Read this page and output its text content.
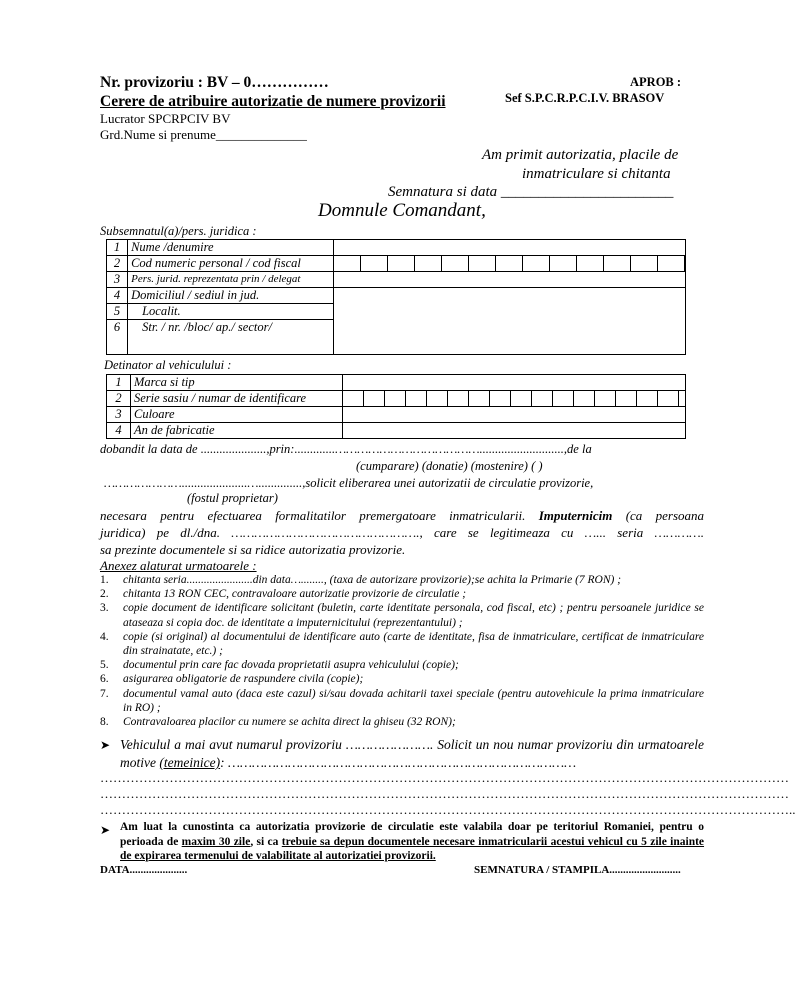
Nr. provizoriu : BV – 0……………
Cerere de atribuire autorizatie de numere provizorii
Lucrator SPCRPCIV BV
Grd.Nume si prenume______________
APROB :
Sef S.P.C.R.P.C.I.V. BRASOV
Am primit autorizatia, placile de
inmatriculare si chitanta
Semnatura si data _______________________
Domnule Comandant,
Subsemnatul(a)/pers. juridica :
1	Nume /denumire	
2	Cod numeric personal / cod fiscal	

3	Pers. jurid. reprezentata prin / delegat	
4	Domiciliul / sediul in jud.	
5	Localit.	
6	Str. / nr. /bloc/ ap./ sector/	
Detinator al vehiculului :
1	Marca si tip	
2	Serie sasiu / numar de identificare	

3	Culoare	
4	An de fabricatie	
dobandit la data de .....................,prin:.............…………………………………...........................,de la
(cumparare) (donatie) (mostenire) ( )
………………….....................…..............,solicit eliberarea unei autorizatii de circulatie provizorie,
(fostul proprietar)
necesara pentru efectuarea formalitatilor premergatoare inmatricularii. Imputernicim (ca persoana
juridica) pe dl./dna. …………………………………………., care se legitimeaza cu …... seria ………….
sa prezinte documentele si sa ridice autorizatia provizorie.
Anexez alaturat urmatoarele :
1. chitanta seria.......................din data…........, (taxa de autorizare provizorie);se achita la Primarie (7 RON) ;
2. chitanta 13 RON CEC, contravaloare autorizatie provizorie de circulatie ;
3. copie document de identificare solicitant (buletin, carte identitate personala, cod fiscal, etc) ; pentru persoanele juridice se ataseaza si copia doc. de identitate a imputernicitului (reprezentantului) ;
4. copie (si original) al documentului de identificare auto (carte de identitate, fisa de inmatriculare, certificat de inmatriculare din strainatate, etc.) ;
5. documentul prin care fac dovada proprietatii asupra vehiculului (copie);
6. asigurarea obligatorie de raspundere civila (copie);
7. documentul vamal auto (daca este cazul) si/sau dovada achitarii taxei speciale (pentru autovehicule la prima inmatriculare in RO) ;
8. Contravaloarea placilor cu numere se achita direct la ghiseu (32 RON);
➤ Vehiculul a mai avut numarul provizoriu …………………. Solicit un nou numar provizoriu din urmatoarele motive (temeinice): ……………………………………………………………………………
……………………………………………………………………………………………………………………………………………
……………………………………………………………………………………………………………………………………………
……………………………………………………………………………………………………………………………………………..
➤ Am luat la cunostinta ca autorizatia provizorie de circulatie este valabila doar pe teritoriul Romaniei, pentru o perioada de maxim 30 zile, si ca trebuie sa depun documentele necesare inmatricularii acestui vehicul cu 5 zile inainte de expirarea termenului de valabilitate al autorizatiei provizorii.
DATA.....................	SEMNATURA / STAMPILA..........................
